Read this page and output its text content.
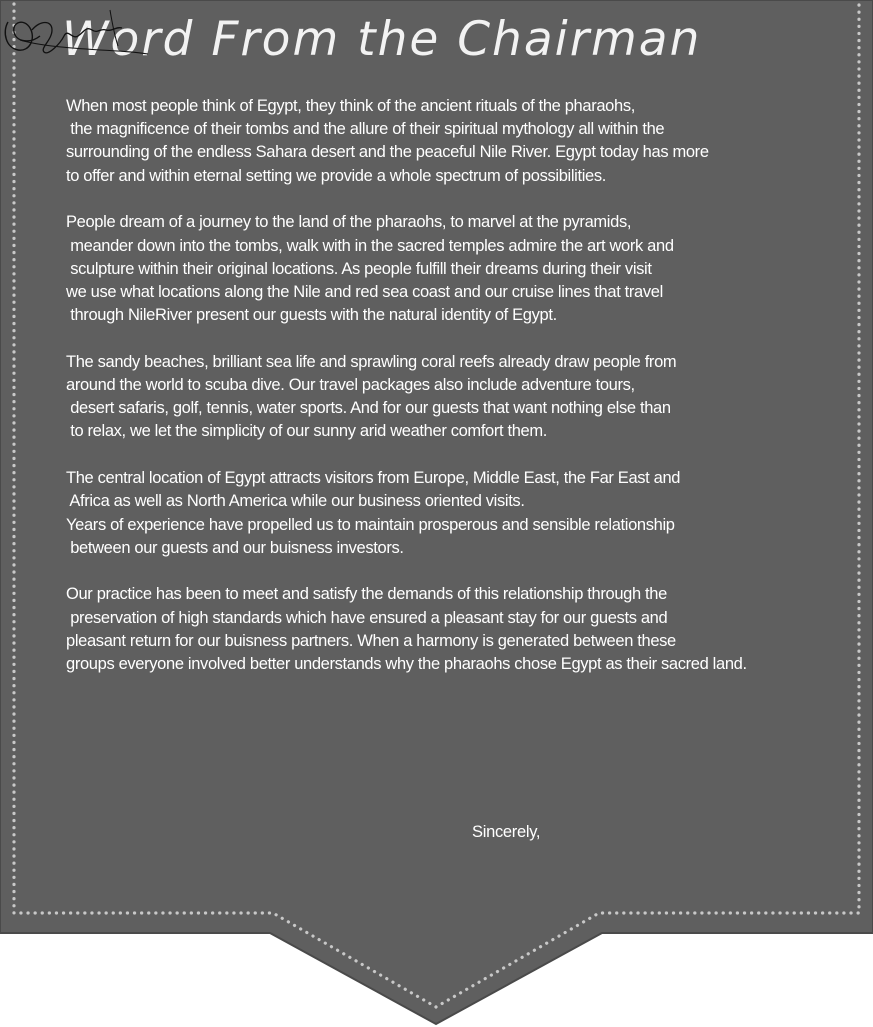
Word From the Chairman
When most people think of Egypt, they think of the ancient rituals of the pharaohs,
the magnificence of their tombs and the allure of their spiritual mythology all within the
surrounding of the endless Sahara desert and the peaceful Nile River. Egypt today has more
to offer and within eternal setting we provide a whole spectrum of possibilities.
People dream of a journey to the land of the pharaohs, to marvel at the pyramids,
meander down into the tombs, walk with in the sacred temples admire the art work and
sculpture within their original locations. As people fulfill their dreams during their visit
we use what locations along the Nile and red sea coast and our cruise lines that travel
through NileRiver present our guests with the natural identity of Egypt.
The sandy beaches, brilliant sea life and sprawling coral reefs already draw people from
around the world to scuba dive. Our travel packages also include adventure tours,
desert safaris, golf, tennis, water sports. And for our guests that want nothing else than
to relax, we let the simplicity of our sunny arid weather comfort them.
The central location of Egypt attracts visitors from Europe, Middle East, the Far East and
Africa as well as North America while our business oriented visits.
Years of experience have propelled us to maintain prosperous and sensible relationship
between our guests and our buisness investors.
Our practice has been to meet and satisfy the demands of this relationship through the
preservation of high standards which have ensured a pleasant stay for our guests and
pleasant return for our buisness partners. When a harmony is generated between these
groups everyone involved better understands why the pharaohs chose Egypt as their sacred land.
Sincerely,
